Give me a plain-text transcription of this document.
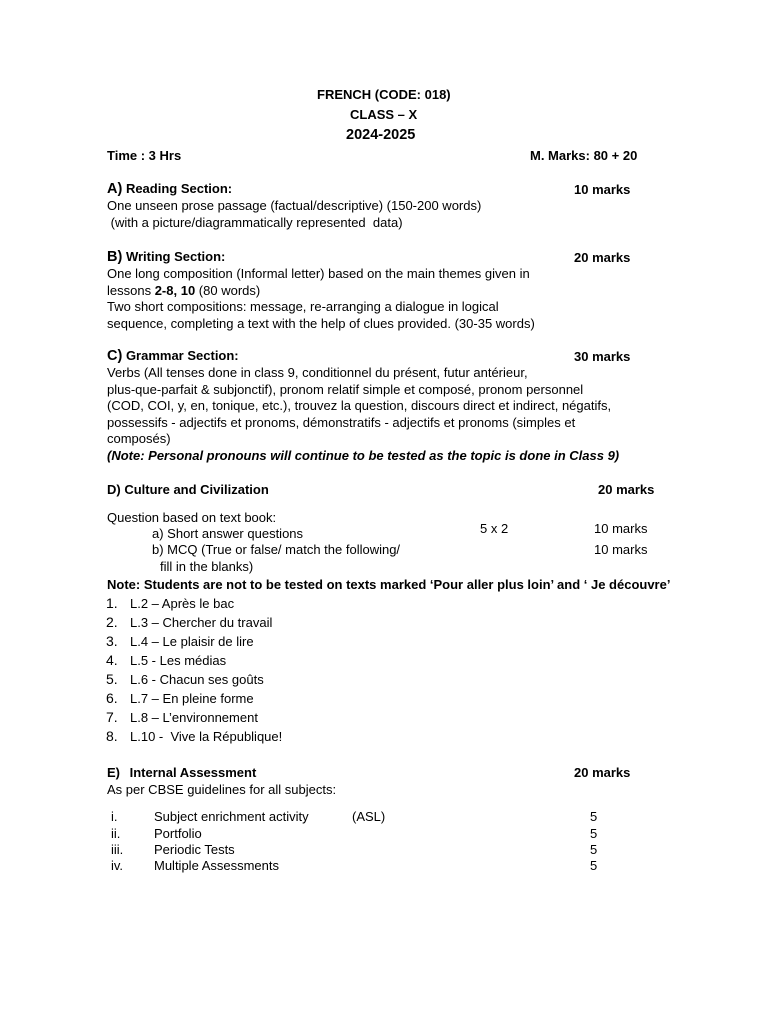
FRENCH (CODE: 018)
CLASS – X
2024-2025
Time : 3 Hrs	M. Marks: 80 + 20
A) Reading Section:	10 marks
One unseen prose passage (factual/descriptive) (150-200 words)
(with a picture/diagrammatically represented  data)
B) Writing Section:	20 marks
One long composition (Informal letter) based on the main themes given in
lessons 2-8, 10 (80 words)
Two short compositions: message, re-arranging a dialogue in logical
sequence, completing a text with the help of clues provided. (30-35 words)
C) Grammar Section:	30 marks
Verbs (All tenses done in class 9, conditionnel du présent, futur antérieur,
plus-que-parfait & subjonctif), pronom relatif simple et composé, pronom personnel
(COD, COI, y, en, tonique, etc.), trouvez la question, discours direct et indirect, négatifs,
possessifs - adjectifs et pronoms, démonstratifs - adjectifs et pronoms (simples et
composés)
(Note: Personal pronouns will continue to be tested as the topic is done in Class 9)
D) Culture and Civilization	20 marks
Question based on text book:
a) Short answer questions	5 x 2	10 marks
b) MCQ (True or false/ match the following/	10 marks
fill in the blanks)
Note: Students are not to be tested on texts marked ‘Pour aller plus loin’ and ‘ Je découvre’
1. L.2 – Après le bac
2. L.3 – Chercher du travail
3. L.4 – Le plaisir de lire
4. L.5 - Les médias
5. L.6 - Chacun ses goûts
6. L.7 – En pleine forme
7. L.8 – L’environnement
8. L.10 -  Vive la République!
E) Internal Assessment	20 marks
As per CBSE guidelines for all subjects:
i.	Subject enrichment activity	(ASL)	5
ii.	Portfolio	5
iii. Periodic Tests	5
iv. Multiple Assessments	5
